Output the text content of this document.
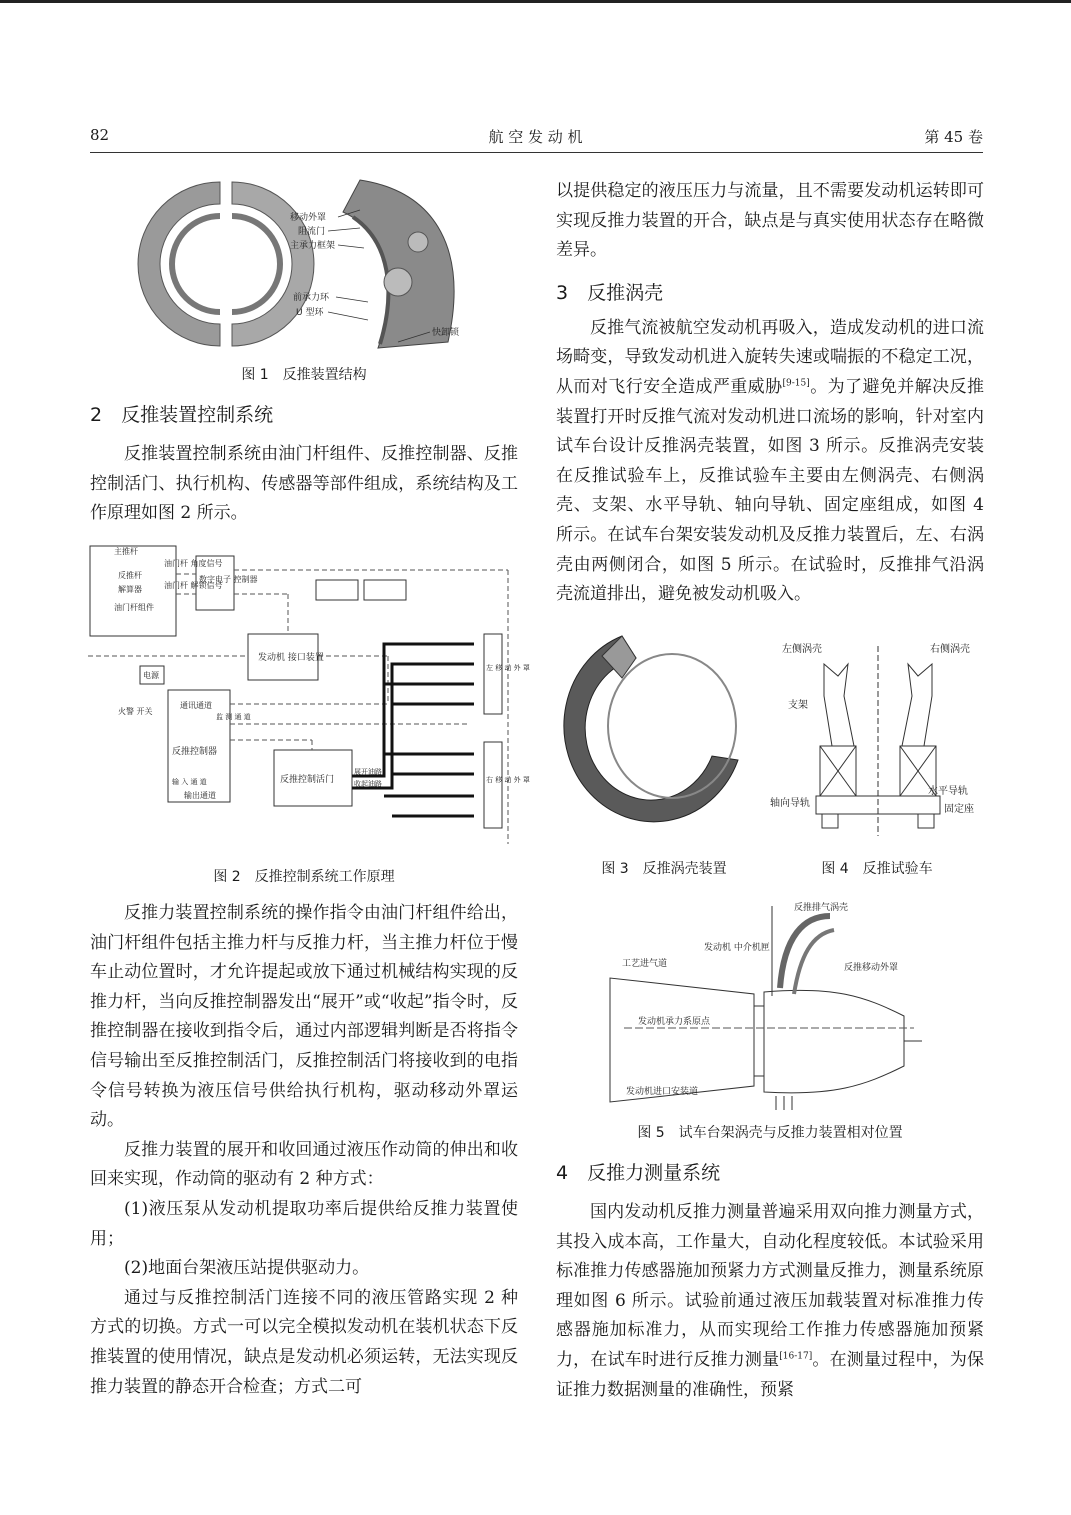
82	航 空 发 动 机	第 45 卷
移动外罩
阻流门
主承力框架
前承力环
U 型环
快卸锁
图 1　反推装置结构
2　反推装置控制系统

反推装置控制系统由油门杆组件、反推控制器、反推控制活门、执行机构、传感器等部件组成，系统结构及工作原理如图 2 所示。

主推杆
反推杆
解算器
油门杆组件
油门杆 角度信号
油门杆 解锁信号
数字电子 控制器
发动机 接口装置
电源
火警 开关
通讯通道
监 测 通 道
反推控制器
输 入 通 道
输出通道
反推控制活门
展开油路
收起油路
左 移 动 外 罩
右 移 动 外 罩
图 2　反推控制系统工作原理

反推力装置控制系统的操作指令由油门杆组件给出，油门杆组件包括主推力杆与反推力杆，当主推力杆位于慢车止动位置时，才允许提起或放下通过机械结构实现的反推力杆，当向反推控制器发出“展开”或“收起”指令时，反推控制器在接收到指令后，通过内部逻辑判断是否将指令信号输出至反推控制活门，反推控制活门将接收到的电指令信号转换为液压信号供给执行机构，驱动移动外罩运动。

反推力装置的展开和收回通过液压作动筒的伸出和收回来实现，作动筒的驱动有 2 种方式：

(1)液压泵从发动机提取功率后提供给反推力装置使用；

(2)地面台架液压站提供驱动力。

通过与反推控制活门连接不同的液压管路实现 2 种方式的切换。方式一可以完全模拟发动机在装机状态下反推装置的使用情况，缺点是发动机必须运转，无法实现反推力装置的静态开合检查；方式二可

以提供稳定的液压压力与流量，且不需要发动机运转即可实现反推力装置的开合，缺点是与真实使用状态存在略微差异。

3　反推涡壳

反推气流被航空发动机再吸入，造成发动机的进口流场畸变，导致发动机进入旋转失速或喘振的不稳定工况，从而对飞行安全造成严重威胁[9-15]。为了避免并解决反推装置打开时反推气流对发动机进口流场的影响，针对室内试车台设计反推涡壳装置，如图 3 所示。反推涡壳安装在反推试验车上，反推试验车主要由左侧涡壳、右侧涡壳、支架、水平导轨、轴向导轨、固定座组成，如图 4 所示。在试车台架安装发动机及反推力装置后，左、右涡壳由两侧闭合，如图 5 所示。在试验时，反推排气沿涡壳流道排出，避免被发动机吸入。

图 3　反推涡壳装置
左侧涡壳	右侧涡壳
支架
水平导轨
轴向导轨
固定座
图 4　反推试验车
反推排气涡壳
发动机 中介机匣
工艺进气道	反推移动外罩
发动机承力系原点
发动机进口安装道
图 5　试车台架涡壳与反推力装置相对位置
4　反推力测量系统

国内发动机反推力测量普遍采用双向推力测量方式，其投入成本高，工作量大，自动化程度较低。本试验采用标准推力传感器施加预紧力方式测量反推力，测量系统原理如图 6 所示。试验前通过液压加载装置对标准推力传感器施加标准力，从而实现给工作推力传感器施加预紧力，在试车时进行反推力测量[16-17]。在测量过程中，为保证推力数据测量的准确性，预紧
